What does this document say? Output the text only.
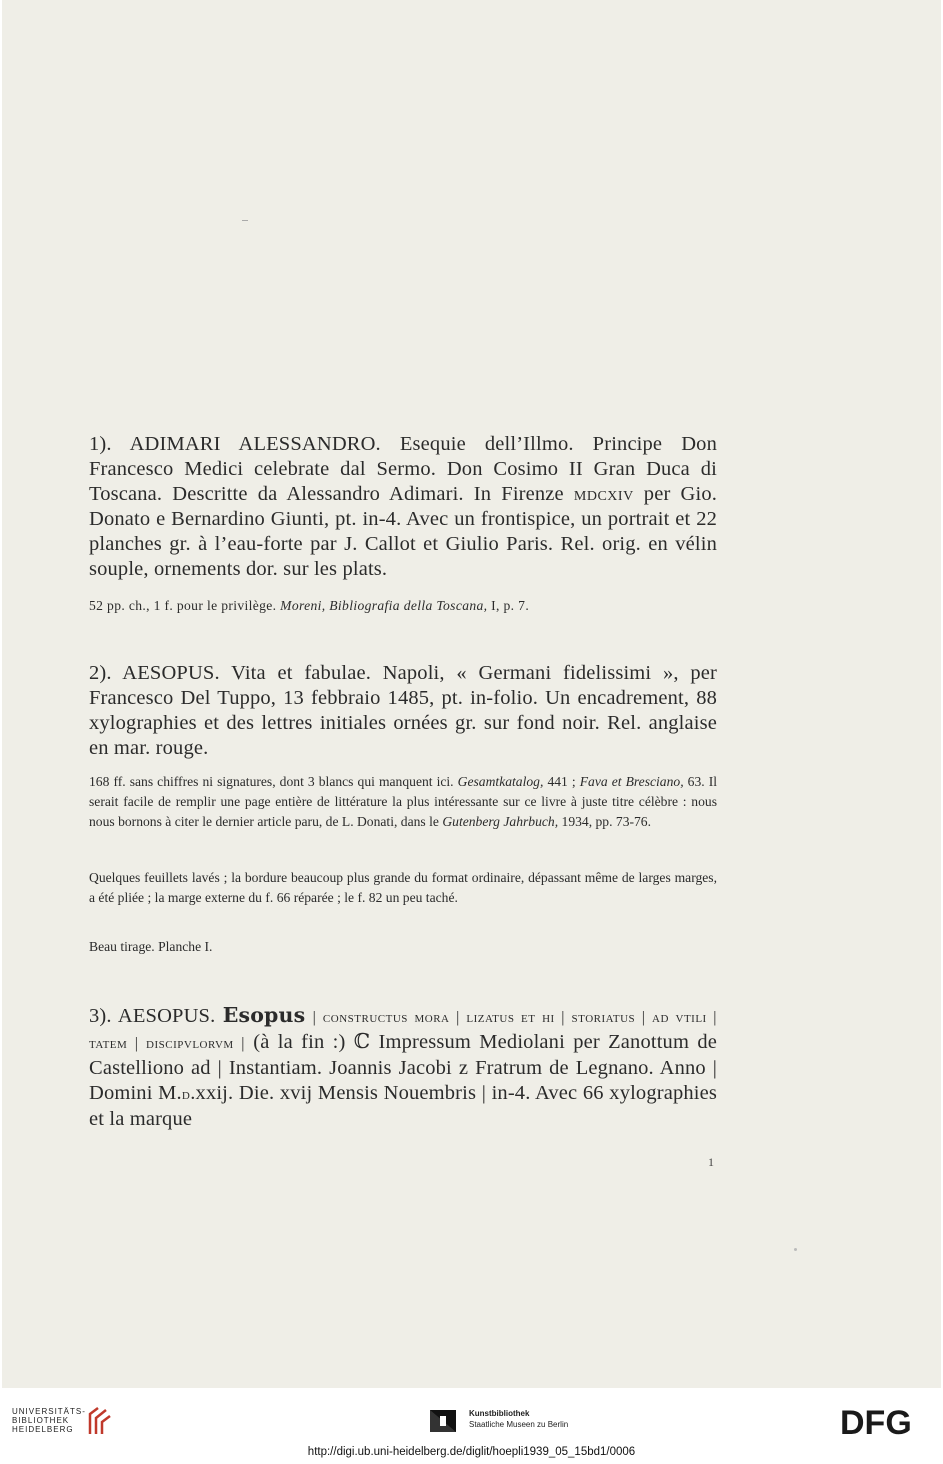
1). ADIMARI ALESSANDRO. Esequie dell’Illmo. Principe Don Francesco Medici celebrate dal Sermo. Don Cosimo II Gran Duca di Toscana. Descritte da Alessandro Adimari. In Firenze mdcxiv per Gio. Donato e Bernardino Giunti, pt. in-4. Avec un frontispice, un portrait et 22 planches gr. à l’eau-forte par J. Callot et Giulio Paris. Rel. orig. en vélin souple, ornements dor. sur les plats.

52 pp. ch., 1 f. pour le privilège. Moreni, Bibliografia della Toscana, I, p. 7.

2). AESOPUS. Vita et fabulae. Napoli, « Germani fidelissimi », per Francesco Del Tuppo, 13 febbraio 1485, pt. in-folio. Un encadrement, 88 xylographies et des lettres initiales ornées gr. sur fond noir. Rel. anglaise en mar. rouge.

168 ff. sans chiffres ni signatures, dont 3 blancs qui manquent ici. Gesamtkatalog, 441 ; Fava et Bresciano, 63. Il serait facile de remplir une page entière de littérature la plus intéressante sur ce livre à juste titre célèbre : nous nous bornons à citer le dernier article paru, de L. Donati, dans le Gutenberg Jahrbuch, 1934, pp. 73-76.

Quelques feuillets lavés ; la bordure beaucoup plus grande du format ordinaire, dépassant même de larges marges, a été pliée ; la marge externe du f. 66 réparée ; le f. 82 un peu taché.

Beau tirage. Planche I.

3). AESOPUS. Esopus | constructus mora | lizatus et hi | storiatus | ad vtili | tatem | discipvlorvm | (à la fin :) ℂ Impressum Mediolani per Zanottum de Castelliono ad | Instantiam. Joannis Jacobi z Fratrum de Legnano. Anno | Domini M.d.xxij. Die. xvij Mensis Nouembris | in-4. Avec 66 xylographies et la marque

1
UNIVERSITÄTS-
BIBLIOTHEK
HEIDELBERG
Kunstbibliothek
Staatliche Museen zu Berlin	DFG
http://digi.ub.uni-heidelberg.de/diglit/hoepli1939_05_15bd1/0006
